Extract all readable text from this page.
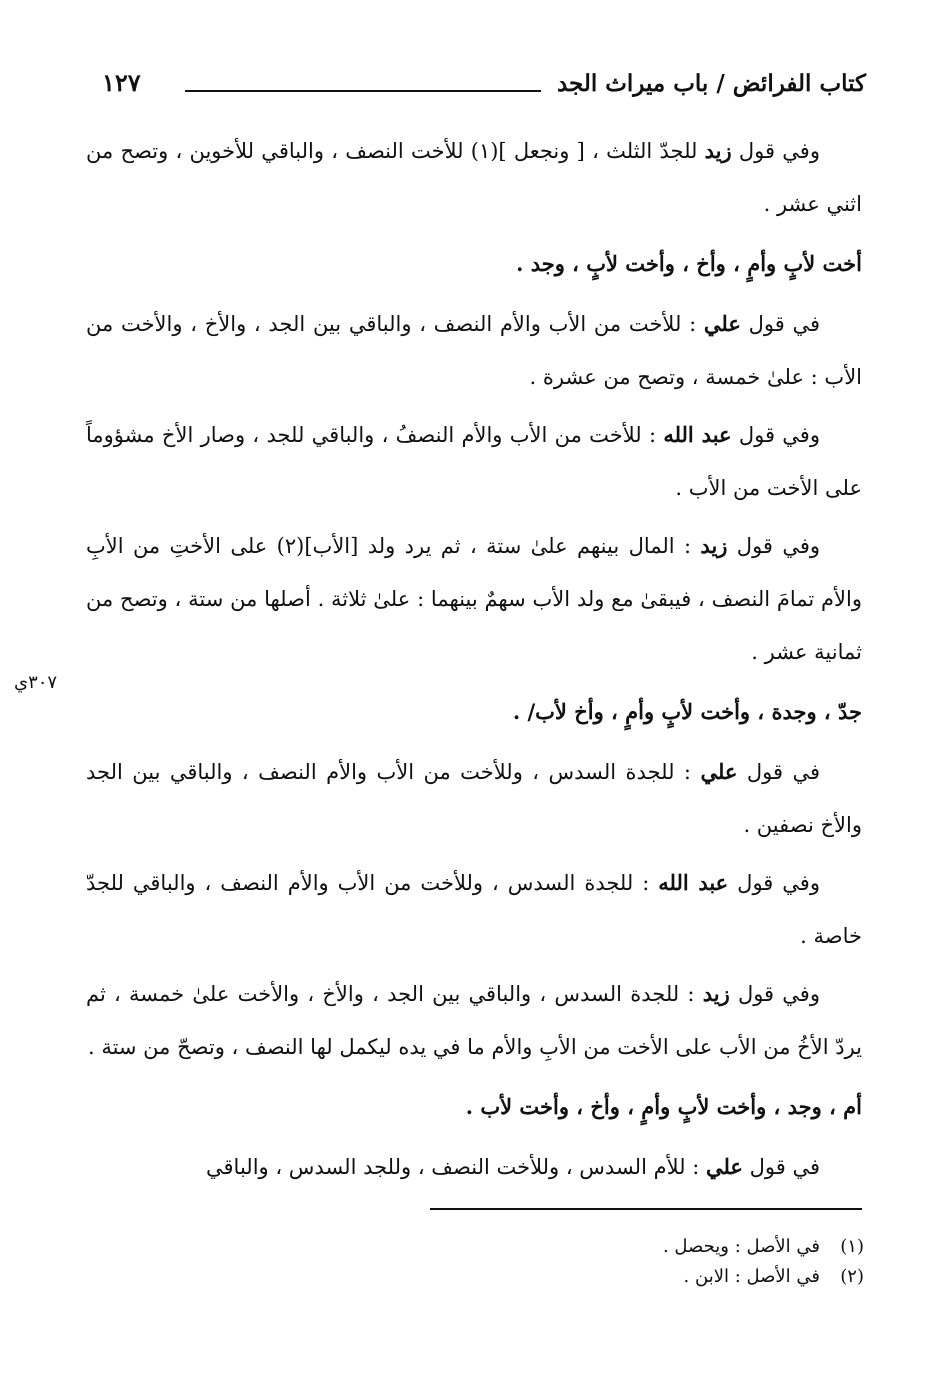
كتاب الفرائض / باب ميراث الجد
١٢٧
٣٠٧ي

وفي قول زيد للجدّ الثلث ، [ ونجعل ](١) للأخت النصف ، والباقي للأخوين ، وتصح من اثني عشر .

أخت لأبٍ وأمٍ ، وأخ ، وأخت لأبٍ ، وجد .

في قول علي : للأخت من الأب والأم النصف ، والباقي بين الجد ، والأخ ، والأخت من الأب : علىٰ خمسة ، وتصح من عشرة .

وفي قول عبد الله : للأخت من الأب والأم النصفُ ، والباقي للجد ، وصار الأخ مشؤوماً على الأخت من الأب .

وفي قول زيد : المال بينهم علىٰ ستة ، ثم يرد ولد [الأب](٢) على الأختِ من الأبِ والأم تمامَ النصف ، فيبقىٰ مع ولد الأب سهمٌ بينهما : علىٰ ثلاثة . أصلها من ستة ، وتصح من ثمانية عشر .

جدّ ، وجدة ، وأخت لأبٍ وأمٍ ، وأخ لأب/ .

في قول علي : للجدة السدس ، وللأخت من الأب والأم النصف ، والباقي بين الجد والأخ نصفين .

وفي قول عبد الله : للجدة السدس ، وللأخت من الأب والأم النصف ، والباقي للجدّ خاصة .

وفي قول زيد : للجدة السدس ، والباقي بين الجد ، والأخ ، والأخت علىٰ خمسة ، ثم يردّ الأخُ من الأب على الأخت من الأبِ والأم ما في يده ليكمل لها النصف ، وتصحّ من ستة .

أم ، وجد ، وأخت لأبٍ وأمٍ ، وأخ ، وأخت لأب .

في قول علي : للأم السدس ، وللأخت النصف ، وللجد السدس ، والباقي

(١)في الأصل : ويحصل .
(٢)في الأصل : الابن .
